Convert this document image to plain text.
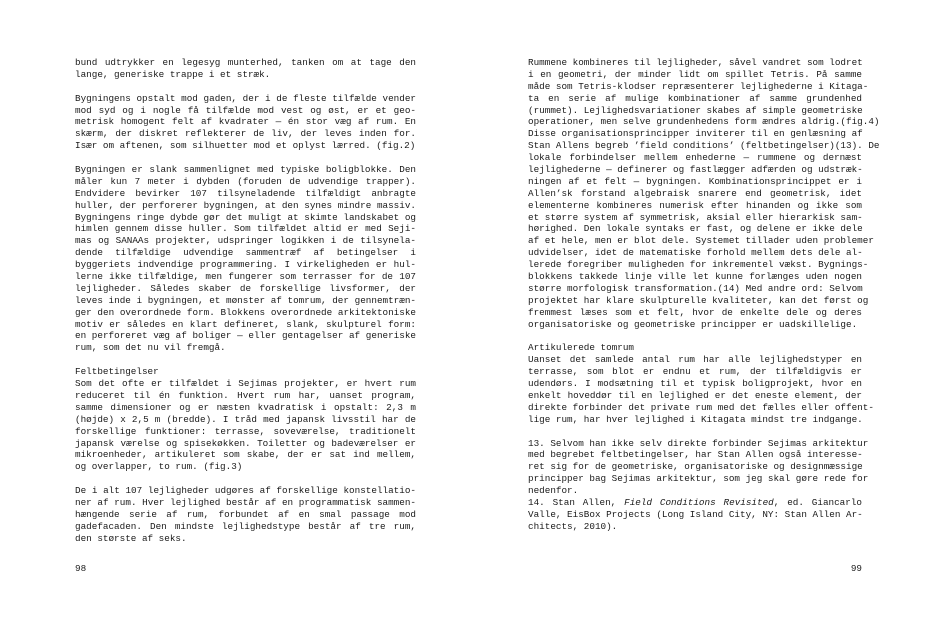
bund udtrykker en legesyg munterhed, tanken om at tage den
lange, generiske trappe i et stræk.
Bygningens opstalt mod gaden, der i de fleste tilfælde vender
mod syd og i nogle få tilfælde mod vest og øst, er et geo-
metrisk homogent felt af kvadrater — én stor væg af rum. En
skærm, der diskret reflekterer de liv, der leves inden for.
Især om aftenen, som silhuetter mod et oplyst lærred. (fig.2)
Bygningen er slank sammenlignet med typiske boligblokke. Den
måler kun 7 meter i dybden (foruden de udvendige trapper).
Endvidere bevirker 107 tilsyneladende tilfældigt anbragte
huller, der perforerer bygningen, at den synes mindre massiv.
Bygningens ringe dybde gør det muligt at skimte landskabet og
himlen gennem disse huller. Som tilfældet altid er med Seji-
mas og SANAAs projekter, udspringer logikken i de tilsynela-
dende tilfældige udvendige sammentræf af betingelser i
byggeriets indvendige programmering. I virkeligheden er hul-
lerne ikke tilfældige, men fungerer som terrasser for de 107
lejligheder. Således skaber de forskellige livsformer, der
leves inde i bygningen, et mønster af tomrum, der gennemtræn-
ger den overordnede form. Blokkens overordnede arkitektoniske
motiv er således en klart defineret, slank, skulpturel form:
en perforeret væg af boliger — eller gentagelser af generiske
rum, som det nu vil fremgå.
Feltbetingelser
Som det ofte er tilfældet i Sejimas projekter, er hvert rum
reduceret til én funktion. Hvert rum har, uanset program,
samme dimensioner og er næsten kvadratisk i opstalt: 2,3 m
(højde) x 2,5 m (bredde). I tråd med japansk livsstil har de
forskellige funktioner: terrasse, soveværelse, traditionelt
japansk værelse og spisekøkken. Toiletter og badeværelser er
mikroenheder, artikuleret som skabe, der er sat ind mellem,
og overlapper, to rum. (fig.3)
De i alt 107 lejligheder udgøres af forskellige konstellatio-
ner af rum. Hver lejlighed består af en programmatisk sammen-
hængende serie af rum, forbundet af en smal passage mod
gadefacaden. Den mindste lejlighedstype består af tre rum,
den største af seks.
Rummene kombineres til lejligheder, såvel vandret som lodret
i en geometri, der minder lidt om spillet Tetris. På samme
måde som Tetris-klodser repræsenterer lejlighederne i Kitaga-
ta en serie af mulige kombinationer af samme grundenhed
(rummet). Lejlighedsvariationer skabes af simple geometriske
operationer, men selve grundenhedens form ændres aldrig.(fig.4)
Disse organisationsprincipper inviterer til en genlæsning af
Stan Allens begreb ’field conditions’ (feltbetingelser)(13). De
lokale forbindelser mellem enhederne — rummene og dernæst
lejlighederne — definerer og fastlægger adfærden og udstræk-
ningen af et felt — bygningen. Kombinationsprincippet er i
Allen’sk forstand algebraisk snarere end geometrisk, idet
elementerne kombineres numerisk efter hinanden og ikke som
et større system af symmetrisk, aksial eller hierarkisk sam-
hørighed. Den lokale syntaks er fast, og delene er ikke dele
af et hele, men er blot dele. Systemet tillader uden problemer
udvidelser, idet de matematiske forhold mellem dets dele al-
lerede foregriber muligheden for inkrementel vækst. Bygnings-
blokkens takkede linje ville let kunne forlænges uden nogen
større morfologisk transformation.(14) Med andre ord: Selvom
projektet har klare skulpturelle kvaliteter, kan det først og
fremmest læses som et felt, hvor de enkelte dele og deres
organisatoriske og geometriske principper er uadskillelige.
Artikulerede tomrum
Uanset det samlede antal rum har alle lejlighedstyper en
terrasse, som blot er endnu et rum, der tilfældigvis er
udendørs. I modsætning til et typisk boligprojekt, hvor en
enkelt hoveddør til en lejlighed er det eneste element, der
direkte forbinder det private rum med det fælles eller offent-
lige rum, har hver lejlighed i Kitagata mindst tre indgange.
13. Selvom han ikke selv direkte forbinder Sejimas arkitektur
med begrebet feltbetingelser, har Stan Allen også interesse-
ret sig for de geometriske, organisatoriske og designmæssige
principper bag Sejimas arkitektur, som jeg skal gøre rede for
nedenfor.
14. Stan Allen, Field Conditions Revisited, ed. Giancarlo
Valle, EisBox Projects (Long Island City, NY: Stan Allen Ar-
chitects, 2010).
98	99
